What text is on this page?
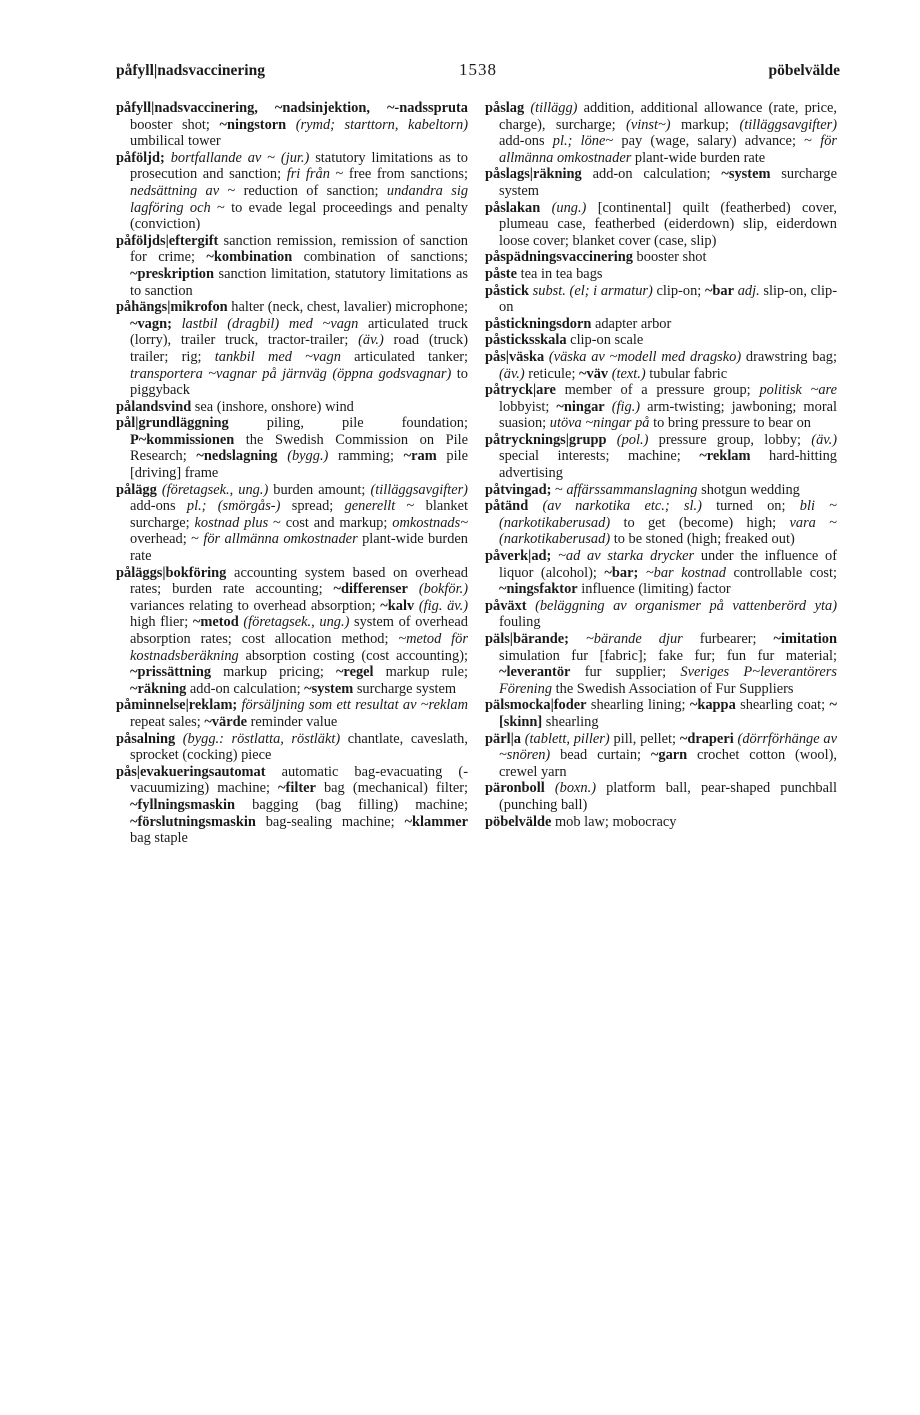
påfyll|nadsvaccinering	1538	pöbelvälde

påfyll|nadsvaccinering, ~nadsinjektion, ~-nadsspruta booster shot; ~ningstorn (rymd; starttorn, kabeltorn) umbilical tower

påföljd; bortfallande av ~ (jur.) statutory limitations as to prosecution and sanction; fri från ~ free from sanctions; nedsättning av ~ reduction of sanction; undandra sig lagföring och ~ to evade legal proceedings and penalty (conviction)

påföljds|eftergift sanction remission, remission of sanction for crime; ~kombination combination of sanctions; ~preskription sanction limitation, statutory limitations as to sanction

påhängs|mikrofon halter (neck, chest, lavalier) microphone; ~vagn; lastbil (dragbil) med ~vagn articulated truck (lorry), trailer truck, tractor-trailer; (äv.) road (truck) trailer; rig; tankbil med ~vagn articulated tanker; transportera ~vagnar på järnväg (öppna godsvagnar) to piggyback

pålandsvind sea (inshore, onshore) wind

pål|grundläggning piling, pile foundation; P~kommissionen the Swedish Commission on Pile Research; ~nedslagning (bygg.) ramming; ~ram pile [driving] frame

pålägg (företagsek., ung.) burden amount; (tilläggsavgifter) add-ons pl.; (smörgås-) spread; generellt ~ blanket surcharge; kostnad plus ~ cost and markup; omkostnads~ overhead; ~ för allmänna omkostnader plant-wide burden rate

påläggs|bokföring accounting system based on overhead rates; burden rate accounting; ~differenser (bokför.) variances relating to overhead absorption; ~kalv (fig. äv.) high flier; ~metod (företagsek., ung.) system of overhead absorption rates; cost allocation method; ~metod för kostnadsberäkning absorption costing (cost accounting); ~prissättning markup pricing; ~regel markup rule; ~räkning add-on calculation; ~system surcharge system

påminnelse|reklam; försäljning som ett resultat av ~reklam repeat sales; ~värde reminder value

påsalning (bygg.: röstlatta, röstläkt) chantlate, caveslath, sprocket (cocking) piece

pås|evakueringsautomat automatic bag-evacuating (-vacuumizing) machine; ~filter bag (mechanical) filter; ~fyllningsmaskin bagging (bag filling) machine; ~förslutningsmaskin bag-sealing machine; ~klammer bag staple

påslag (tillägg) addition, additional allowance (rate, price, charge), surcharge; (vinst~) markup; (tilläggsavgifter) add-ons pl.; löne~ pay (wage, salary) advance; ~ för allmänna omkostnader plant-wide burden rate

påslags|räkning add-on calculation; ~system surcharge system

påslakan (ung.) [continental] quilt (featherbed) cover, plumeau case, featherbed (eiderdown) slip, eiderdown loose cover; blanket cover (case, slip)

påspädningsvaccinering booster shot

påste tea in tea bags

påstick subst. (el; i armatur) clip-on; ~bar adj. slip-on, clip-on

påstickningsdorn adapter arbor

påsticksskala clip-on scale

pås|väska (väska av ~modell med dragsko) drawstring bag; (äv.) reticule; ~väv (text.) tubular fabric

påtryck|are member of a pressure group; politisk ~are lobbyist; ~ningar (fig.) arm-twisting; jawboning; moral suasion; utöva ~ningar på to bring pressure to bear on

påtrycknings|grupp (pol.) pressure group, lobby; (äv.) special interests; machine; ~reklam hard-hitting advertising

påtvingad; ~ affärssammanslagning shotgun wedding

påtänd (av narkotika etc.; sl.) turned on; bli ~ (narkotikaberusad) to get (become) high; vara ~ (narkotikaberusad) to be stoned (high; freaked out)

påverk|ad; ~ad av starka drycker under the influence of liquor (alcohol); ~bar; ~bar kostnad controllable cost; ~ningsfaktor influence (limiting) factor

påväxt (beläggning av organismer på vattenberörd yta) fouling

päls|bärande; ~bärande djur furbearer; ~imitation simulation fur [fabric]; fake fur; fun fur material; ~leverantör fur supplier; Sveriges P~leverantörers Förening the Swedish Association of Fur Suppliers

pälsmocka|foder shearling lining; ~kappa shearling coat; ~[skinn] shearling

pärl|a (tablett, piller) pill, pellet; ~draperi (dörrförhänge av ~snören) bead curtain; ~garn crochet cotton (wool), crewel yarn

päronboll (boxn.) platform ball, pear-shaped punchball (punching ball)

pöbelvälde mob law; mobocracy
